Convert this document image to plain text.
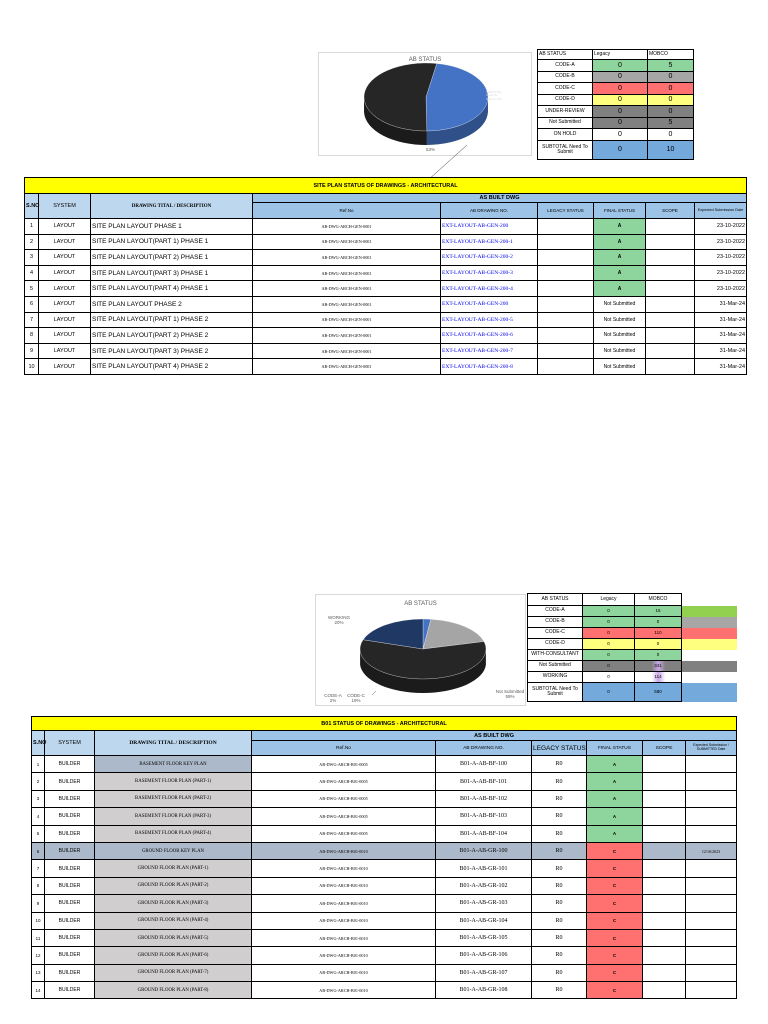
AB STATUS
53%
SUBTOTAL Need To Submit 47%
AB STATUS	Legacy	MOBCO
CODE-A	0	5
CODE-B	0	0
CODE-C	0	0
CODE-D	0	0
UNDER-REVIEW	0	0
Not Submitted	0	5
ON HOLD	0	0
SUBTOTAL Need To Submit	0	10
SITE PLAN STATUS OF DRAWINGS - ARCHITECTURAL								
S.NO	SYSTEM	DRAWING TITAL / DESCRIPTION	AS BUILT DWG					
			Ref.No	AB DRAWING NO.	LEGACY STATUS	FINAL STATUS	SCOPE	Expected Submission Date
1	LAYOUT	SITE PLAN LAYOUT PHASE 1	AB-DWG-ARCH-GEN-0001	EXT-LAYOUT-AB-GEN-200		A		23-10-2022
2	LAYOUT	SITE PLAN LAYOUT(PART 1) PHASE 1	AB-DWG-ARCH-GEN-0001	EXT-LAYOUT-AB-GEN-200-1		A		23-10-2022
3	LAYOUT	SITE PLAN LAYOUT(PART 2) PHASE 1	AB-DWG-ARCH-GEN-0001	EXT-LAYOUT-AB-GEN-200-2		A		23-10-2022
4	LAYOUT	SITE PLAN LAYOUT(PART 3) PHASE 1	AB-DWG-ARCH-GEN-0001	EXT-LAYOUT-AB-GEN-200-3		A		23-10-2022
5	LAYOUT	SITE PLAN LAYOUT(PART 4) PHASE 1	AB-DWG-ARCH-GEN-0001	EXT-LAYOUT-AB-GEN-200-4		A		23-10-2022
6	LAYOUT	SITE PLAN LAYOUT PHASE 2	AB-DWG-ARCH-GEN-0001	EXT-LAYOUT-AB-GEN-200		Not Submitted		31-Mar-24
7	LAYOUT	SITE PLAN LAYOUT(PART 1) PHASE 2	AB-DWG-ARCH-GEN-0001	EXT-LAYOUT-AB-GEN-200-5		Not Submitted		31-Mar-24
8	LAYOUT	SITE PLAN LAYOUT(PART 2) PHASE 2	AB-DWG-ARCH-GEN-0001	EXT-LAYOUT-AB-GEN-200-6		Not Submitted		31-Mar-24
9	LAYOUT	SITE PLAN LAYOUT(PART 3) PHASE 2	AB-DWG-ARCH-GEN-0001	EXT-LAYOUT-AB-GEN-200-7		Not Submitted		31-Mar-24
10	LAYOUT	SITE PLAN LAYOUT(PART 4) PHASE 2	AB-DWG-ARCH-GEN-0001	EXT-LAYOUT-AB-GEN-200-8		Not Submitted		31-Mar-24
AB STATUS
WORKING 20%
CODE-A 2%
CODE-C 19%
Not Submitted 59%
AB STATUS	Legacy	MOBCO
CODE-A	0	15
CODE-B	0	0
CODE-C	0	110
CODE-D	0	0
WITH-CONSULTANT	0	0
Not Submitted	0	341
WORKING	0	114
SUBTOTAL Need To Submit	0	580
B01 STATUS OF DRAWINGS - ARCHITECTURAL								
S.NO	SYSTEM	DRAWING TITAL / DESCRIPTION	AS BUILT DWG					
			Ref.No	AB DRAWING NO.	LEGACY STATUS	FINAL STATUS	SCOPE	Expected Submission / SUBMITTED Date
1	BUILDER	BASEMENT FLOOR KEY PLAN	AB-DWG-ARCH-B01-0005	B01-A-AB-BF-100	R0	A		
2	BUILDER	BASEMENT FLOOR PLAN (PART-1)	AB-DWG-ARCH-B01-0005	B01-A-AB-BF-101	R0	A		
3	BUILDER	BASEMENT FLOOR PLAN (PART-2)	AB-DWG-ARCH-B01-0005	B01-A-AB-BF-102	R0	A		
4	BUILDER	BASEMENT FLOOR PLAN (PART-3)	AB-DWG-ARCH-B01-0005	B01-A-AB-BF-103	R0	A		
5	BUILDER	BASEMENT FLOOR PLAN (PART-4)	AB-DWG-ARCH-B01-0005	B01-A-AB-BF-104	R0	A		
6	BUILDER	GROUND FLOOR KEY PLAN	AB-DWG-ARCH-B01-0010	B01-A-AB-GR-100	R0	C		12/16/2023
7	BUILDER	GROUND FLOOR PLAN (PART-1)	AB-DWG-ARCH-B01-0010	B01-A-AB-GR-101	R0	C		
8	BUILDER	GROUND FLOOR PLAN (PART-2)	AB-DWG-ARCH-B01-0010	B01-A-AB-GR-102	R0	C		
9	BUILDER	GROUND FLOOR PLAN (PART-3)	AB-DWG-ARCH-B01-0010	B01-A-AB-GR-103	R0	C		
10	BUILDER	GROUND FLOOR PLAN (PART-4)	AB-DWG-ARCH-B01-0010	B01-A-AB-GR-104	R0	C		
11	BUILDER	GROUND FLOOR PLAN (PART-5)	AB-DWG-ARCH-B01-0010	B01-A-AB-GR-105	R0	C		
12	BUILDER	GROUND FLOOR PLAN (PART-6)	AB-DWG-ARCH-B01-0010	B01-A-AB-GR-106	R0	C		
13	BUILDER	GROUND FLOOR PLAN (PART-7)	AB-DWG-ARCH-B01-0010	B01-A-AB-GR-107	R0	C		
14	BUILDER	GROUND FLOOR PLAN (PART-8)	AB-DWG-ARCH-B01-0010	B01-A-AB-GR-108	R0	C		
